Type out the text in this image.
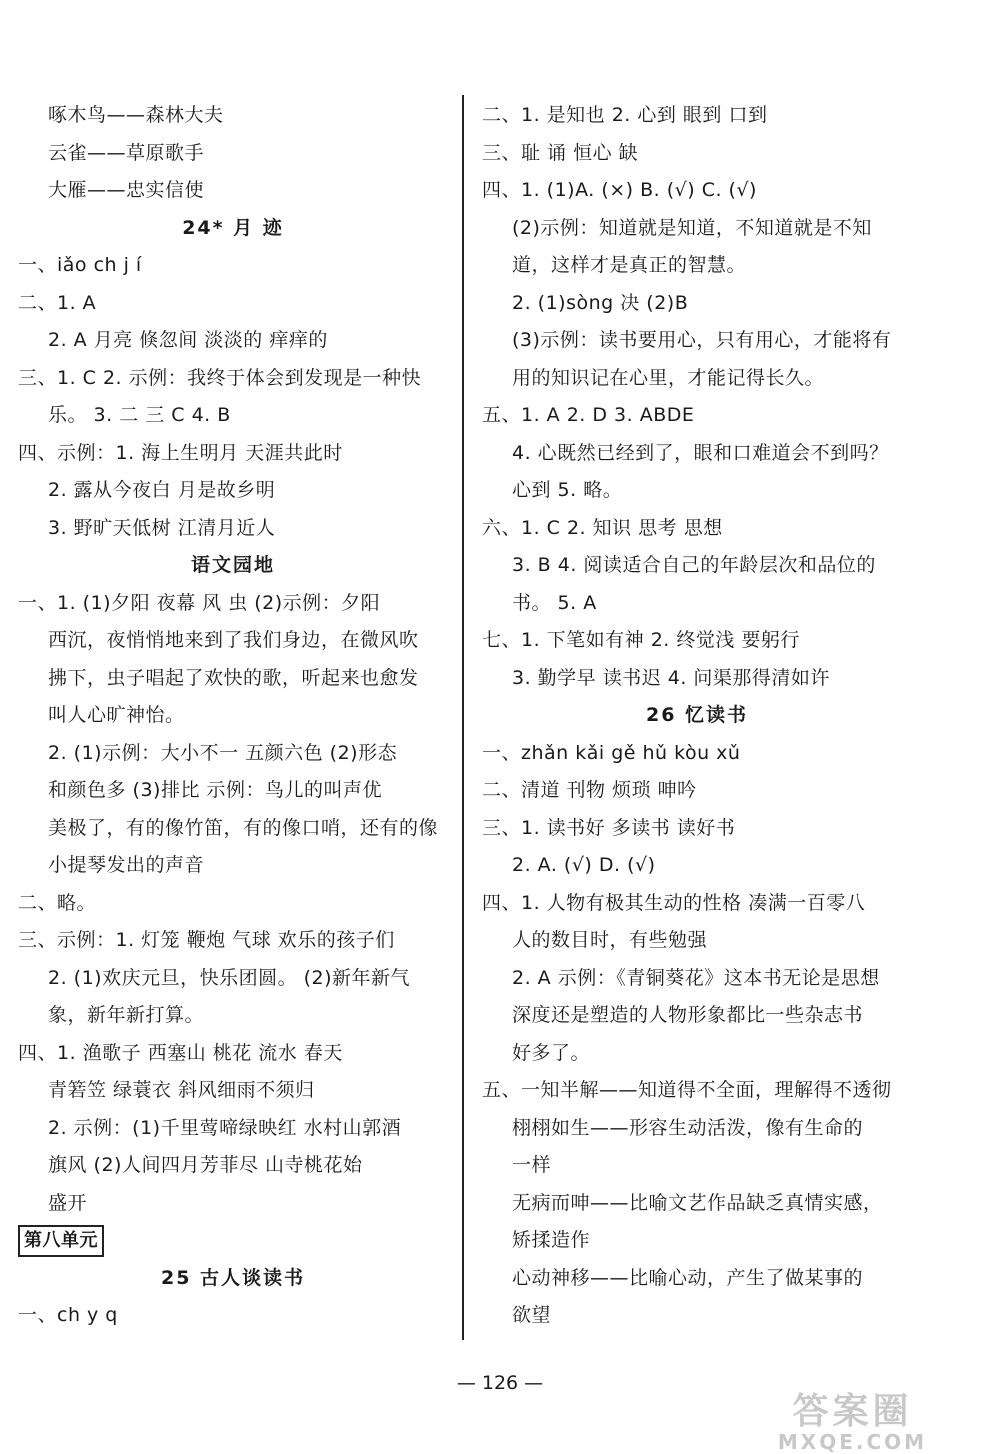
啄木鸟——森林大夫
云雀——草原歌手
大雁——忠实信使
24* 月 迹
一、iǎo ch j í
二、1. A
2. A 月亮 倏忽间 淡淡的 痒痒的
三、1. C 2. 示例：我终于体会到发现是一种快
乐。 3. 二 三 C 4. B
四、示例：1. 海上生明月 天涯共此时
2. 露从今夜白 月是故乡明
3. 野旷天低树 江清月近人
语文园地
一、1. (1)夕阳 夜幕 风 虫 (2)示例：夕阳
西沉，夜悄悄地来到了我们身边，在微风吹
拂下，虫子唱起了欢快的歌，听起来也愈发
叫人心旷神怡。
2. (1)示例：大小不一 五颜六色 (2)形态
和颜色多 (3)排比 示例：鸟儿的叫声优
美极了，有的像竹笛，有的像口哨，还有的像
小提琴发出的声音
二、略。
三、示例：1. 灯笼 鞭炮 气球 欢乐的孩子们
2. (1)欢庆元旦，快乐团圆。 (2)新年新气
象，新年新打算。
四、1. 渔歌子 西塞山 桃花 流水 春天
青箬笠 绿蓑衣 斜风细雨不须归
2. 示例：(1)千里莺啼绿映红 水村山郭酒
旗风 (2)人间四月芳菲尽 山寺桃花始
盛开
第八单元
25 古人谈读书
一、ch y q
二、1. 是知也 2. 心到 眼到 口到
三、耻 诵 恒心 缺
四、1. (1)A. (×) B. (√) C. (√)
(2)示例：知道就是知道，不知道就是不知
道，这样才是真正的智慧。
2. (1)sòng 决 (2)B
(3)示例：读书要用心，只有用心，才能将有
用的知识记在心里，才能记得长久。
五、1. A 2. D 3. ABDE
4. 心既然已经到了，眼和口难道会不到吗？
心到 5. 略。
六、1. C 2. 知识 思考 思想
3. B 4. 阅读适合自己的年龄层次和品位的
书。 5. A
七、1. 下笔如有神 2. 终觉浅 要躬行
3. 勤学早 读书迟 4. 问渠那得清如许
26 忆读书
一、zhǎn kǎi gě hǔ kòu xǔ
二、清道 刊物 烦琐 呻吟
三、1. 读书好 多读书 读好书
2. A. (√) D. (√)
四、1. 人物有极其生动的性格 凑满一百零八
人的数目时，有些勉强
2. A 示例：《青铜葵花》这本书无论是思想
深度还是塑造的人物形象都比一些杂志书
好多了。
五、一知半解——知道得不全面，理解得不透彻
栩栩如生——形容生动活泼，像有生命的
一样
无病而呻——比喻文艺作品缺乏真情实感，
矫揉造作
心动神移——比喻心动，产生了做某事的
欲望
— 126 —
答案圈
MXQE.COM
